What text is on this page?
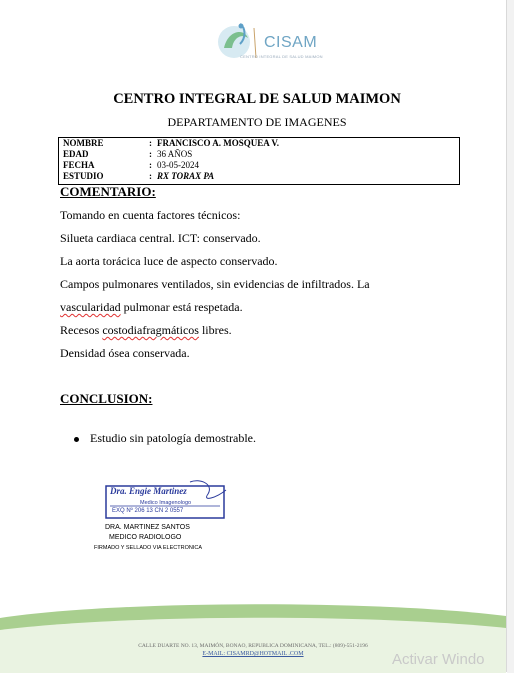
CISAM
CENTRO INTEGRAL DE SALUD MAIMON
CENTRO INTEGRAL DE SALUD MAIMON
DEPARTAMENTO DE IMAGENES
NOMBRE	: FRANCISCO A. MOSQUEA V.
EDAD	: 36 AÑOS
FECHA	: 03-05-2024
ESTUDIO	: RX TORAX PA
COMENTARIO:
Tomando en cuenta factores técnicos:
Silueta cardiaca central. ICT: conservado.
La aorta torácica luce de aspecto conservado.
Campos pulmonares ventilados, sin evidencias de infiltrados. La
vascularidad pulmonar está respetada.
Recesos costodiafragmáticos libres.
Densidad ósea conservada.
CONCLUSION:
Estudio sin patología demostrable.
Dra. Engie Martinez
Medico Imagenologo
EXQ Nº 206 13 CN 2 0557
DRA. MARTINEZ SANTOS
MEDICO RADIOLOGO
FIRMADO Y SELLADO VIA ELECTRONICA
CALLE DUARTE NO. 13, MAIMÓN, BONAO, REPUBLICA DOMINICANA, TEL.: (809)-551-2196
E-MAIL: CISAMRD@HOTMAIL .COM	Activar Windo
